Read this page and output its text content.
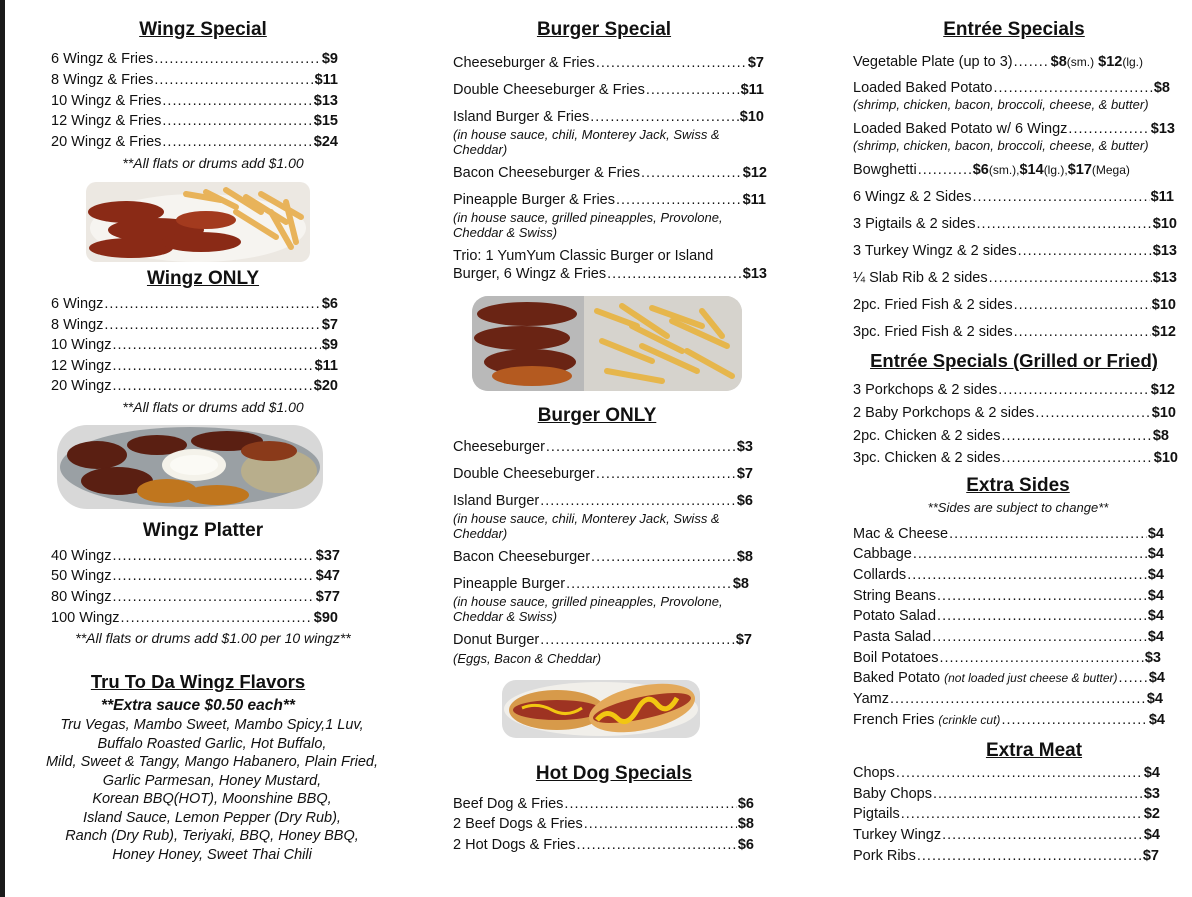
Wingz Special
6 Wingz & Fries .....	$9
8 Wingz & Fries .....	$11
10 Wingz & Fries .....	$13
12 Wingz & Fries .....	$15
20 Wingz & Fries .....	$24
**All flats or drums add $1.00
Wingz ONLY
6 Wingz .....	$6
8 Wingz .....	$7
10 Wingz .....	$9
12 Wingz .....	$11
20 Wingz .....	$20
**All flats or drums add $1.00
Wingz Platter
40 Wingz .....	$37
50 Wingz .....	$47
80 Wingz .....	$77
100 Wingz .....	$90
**All flats or drums add $1.00 per 10 wingz**
Tru To Da Wingz Flavors
**Extra sauce $0.50 each**
Tru Vegas, Mambo Sweet, Mambo Spicy,1 Luv,
Buffalo Roasted Garlic, Hot Buffalo,
Mild, Sweet & Tangy, Mango Habanero, Plain Fried,
Garlic Parmesan, Honey Mustard,
Korean BBQ(HOT), Moonshine BBQ,
Island Sauce, Lemon Pepper (Dry Rub),
Ranch (Dry Rub), Teriyaki, BBQ, Honey BBQ,
Honey Honey, Sweet Thai Chili
Burger Special
Cheeseburger & Fries .....	$7
Double Cheeseburger & Fries .....	$11
Island Burger & Fries .....	$10
(in house sauce, chili, Monterey Jack, Swiss & Cheddar)
Bacon Cheeseburger & Fries .....	$12
Pineapple Burger & Fries .....	$11
(in house sauce, grilled pineapples, Provolone, Cheddar & Swiss)
Trio: 1 YumYum Classic Burger or Island
Burger, 6 Wingz & Fries .....	$13
Burger ONLY
Cheeseburger .....	$3
Double Cheeseburger .....	$7
Island Burger .....	$6
(in house sauce, chili, Monterey Jack, Swiss & Cheddar)
Bacon Cheeseburger .....	$8
Pineapple Burger .....	$8
(in house sauce, grilled pineapples, Provolone, Cheddar & Swiss)
Donut Burger .....	$7
(Eggs, Bacon & Cheddar)
Hot Dog Specials
Beef Dog & Fries .....	$6
2 Beef Dogs & Fries .....	$8
2 Hot Dogs & Fries .....	$6
Entrée Specials
Vegetable Plate (up to 3) .....	$8 (sm.)
$12 (lg.)
Loaded Baked Potato .....	$8
(shrimp, chicken, bacon, broccoli, cheese, & butter)
Loaded Baked Potato w/ 6 Wingz .....	$13
(shrimp, chicken, bacon, broccoli, cheese, & butter)
Bowghetti .....	$6 (sm.), $14 (lg.), $17 (Mega)
6 Wingz & 2 Sides .....	$11
3 Pigtails & 2 sides .....	$10
3 Turkey Wingz & 2 sides .....	$13
¼ Slab Rib & 2 sides .....	$13
2pc. Fried Fish & 2 sides .....	$10
3pc. Fried Fish & 2 sides .....	$12
Entrée Specials (Grilled or Fried)
3 Porkchops & 2 sides .....	$12
2 Baby Porkchops & 2 sides .....	$10
2pc. Chicken & 2 sides .....	$8
3pc. Chicken & 2 sides .....	$10
Extra Sides
**Sides are subject to change**
Mac & Cheese .....	$4
Cabbage .....	$4
Collards .....	$4
String Beans .....	$4
Potato Salad .....	$4
Pasta Salad .....	$4
Boil Potatoes .....	$3
Baked Potato
(not loaded just cheese & butter) ..... $4
Yamz .....	$4
French Fries
(crinkle cut) .....	$4
Extra Meat
Chops .....	$4
Baby Chops .....	$3
Pigtails .....	$2
Turkey Wingz .....	$4
Pork Ribs .....	$7
